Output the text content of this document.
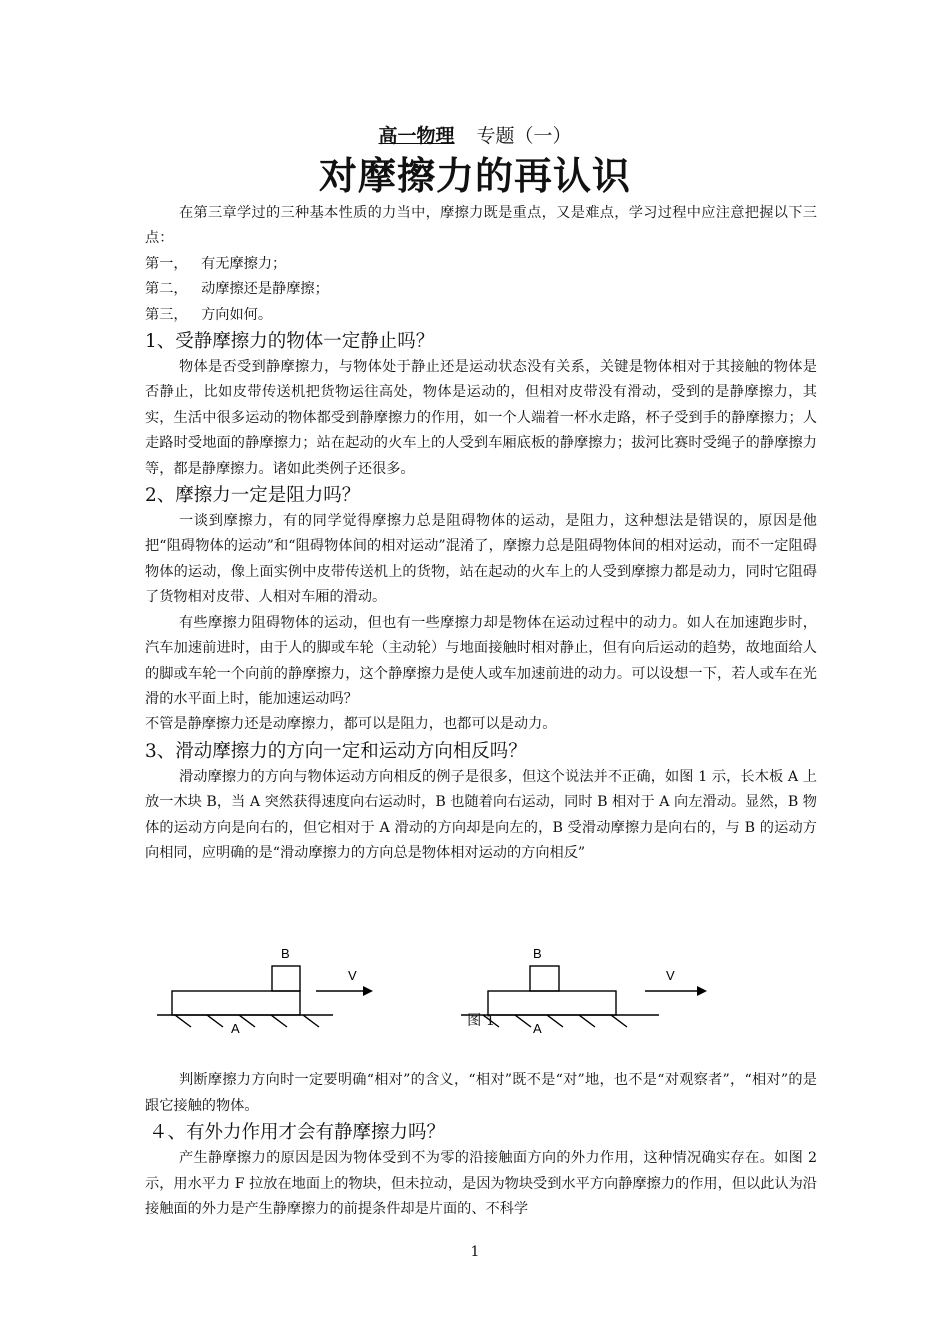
高一物理 专题（一）
对摩擦力的再认识

在第三章学过的三种基本性质的力当中，摩擦力既是重点，又是难点，学习过程中应注意把握以下三点：

第一，   有无摩擦力；

第二，   动摩擦还是静摩擦；

第三，   方向如何。

1、受静摩擦力的物体一定静止吗？

物体是否受到静摩擦力，与物体处于静止还是运动状态没有关系，关键是物体相对于其接触的物体是否静止，比如皮带传送机把货物运往高处，物体是运动的，但相对皮带没有滑动，受到的是静摩擦力，其实，生活中很多运动的物体都受到静摩擦力的作用，如一个人端着一杯水走路，杯子受到手的静摩擦力；人走路时受地面的静摩擦力；站在起动的火车上的人受到车厢底板的静摩擦力；拔河比赛时受绳子的静摩擦力等，都是静摩擦力。诸如此类例子还很多。

2、摩擦力一定是阻力吗？

一谈到摩擦力，有的同学觉得摩擦力总是阻碍物体的运动，是阻力，这种想法是错误的，原因是他把“阻碍物体的运动”和“阻碍物体间的相对运动”混淆了，摩擦力总是阻碍物体间的相对运动，而不一定阻碍物体的运动，像上面实例中皮带传送机上的货物，站在起动的火车上的人受到摩擦力都是动力，同时它阻碍了货物相对皮带、人相对车厢的滑动。

有些摩擦力阻碍物体的运动，但也有一些摩擦力却是物体在运动过程中的动力。如人在加速跑步时，汽车加速前进时，由于人的脚或车轮（主动轮）与地面接触时相对静止，但有向后运动的趋势，故地面给人的脚或车轮一个向前的静摩擦力，这个静摩擦力是使人或车加速前进的动力。可以设想一下，若人或车在光滑的水平面上时，能加速运动吗？

不管是静摩擦力还是动摩擦力，都可以是阻力，也都可以是动力。

3、滑动摩擦力的方向一定和运动方向相反吗？

滑动摩擦力的方向与物体运动方向相反的例子是很多，但这个说法并不正确，如图 1 示，长木板 A 上放一木块 B，当 A 突然获得速度向右运动时，B 也随着向右运动，同时 B 相对于 A 向左滑动。显然，B 物体的运动方向是向右的，但它相对于 A 滑动的方向却是向左的，B 受滑动摩擦力是向右的，与 B 的运动方向相同，应明确的是“滑动摩擦力的方向总是物体相对运动的方向相反”

B
A
V
B
A
V
图 1

判断摩擦力方向时一定要明确“相对”的含义，“相对”既不是“对”地，也不是“对观察者”，“相对”的是跟它接触的物体。

４、有外力作用才会有静摩擦力吗？

产生静摩擦力的原因是因为物体受到不为零的沿接触面方向的外力作用，这种情况确实存在。如图 2 示，用水平力 F 拉放在地面上的物块，但未拉动，是因为物块受到水平方向静摩擦力的作用，但以此认为沿接触面的外力是产生静摩擦力的前提条件却是片面的、不科学

1
